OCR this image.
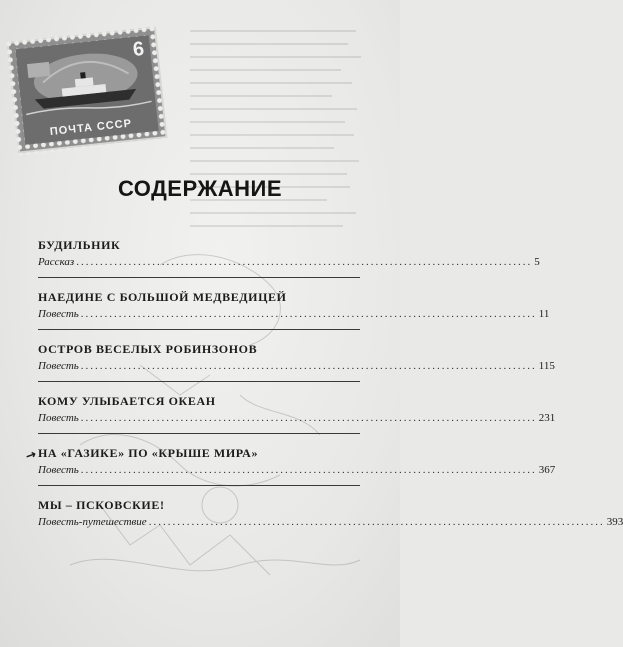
6
ПОЧТА СССР
СОДЕРЖАНИЕ
БУДИЛЬНИК
Рассказ ................................................................................................ 5
НАЕДИНЕ С БОЛЬШОЙ МЕДВЕДИЦЕЙ
Повесть ................................................................................................ 11
ОСТРОВ ВЕСЕЛЫХ РОБИНЗОНОВ
Повесть ................................................................................................ 115
КОМУ УЛЫБАЕТСЯ ОКЕАН
Повесть ................................................................................................ 231
НА «ГАЗИКЕ» ПО «КРЫШЕ МИРА»
Повесть ................................................................................................ 367
МЫ – ПСКОВСКИЕ!
Повесть-путешествие ................................................................................................ 393
↗
